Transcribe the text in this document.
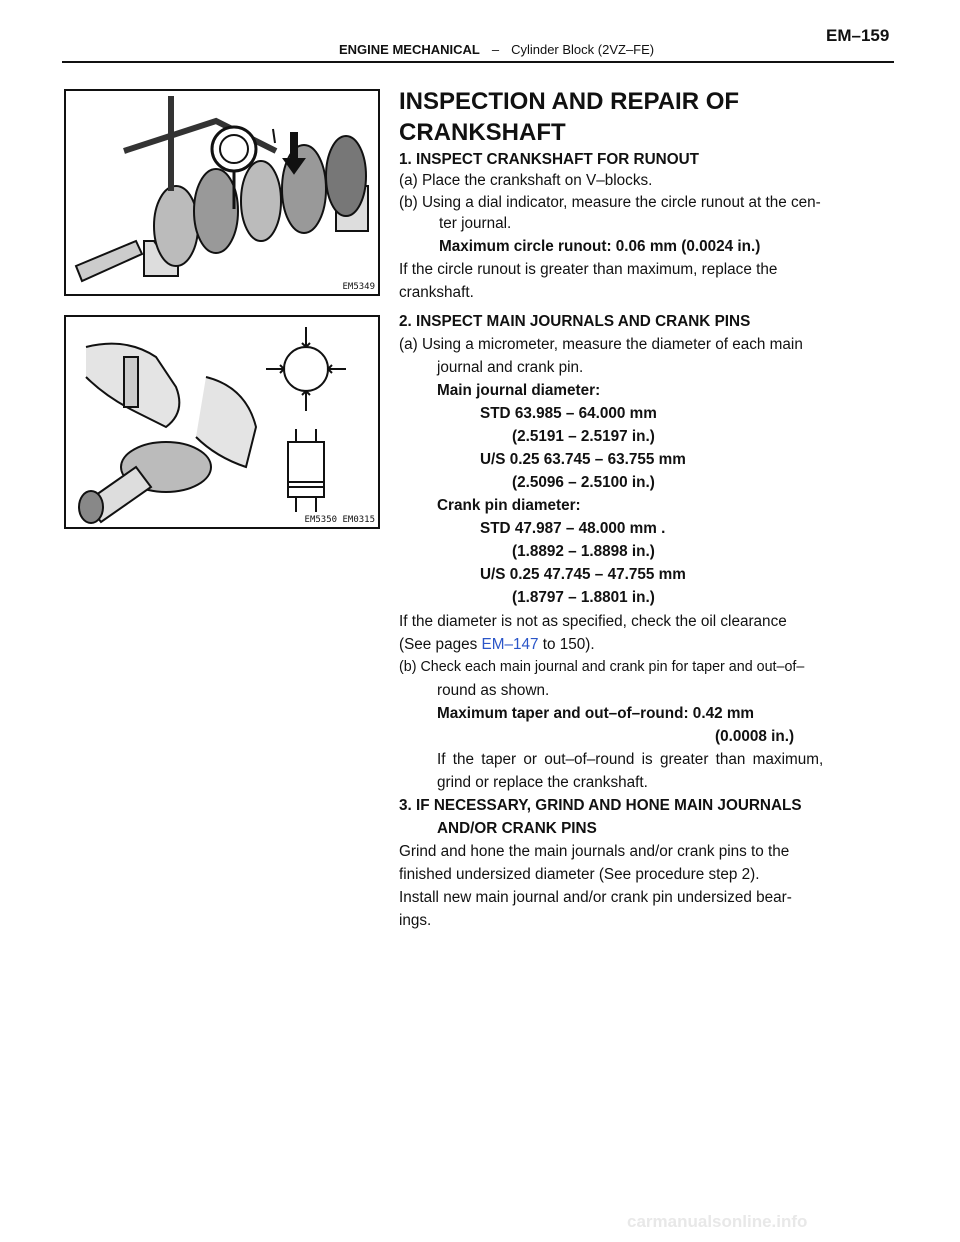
ENGINE MECHANICAL – Cylinder Block (2VZ–FE)
EM–159
EM5349
EM5350 EM0315
INSPECTION AND REPAIR OF
CRANKSHAFT
1. INSPECT CRANKSHAFT FOR RUNOUT
(a) Place the crankshaft on V–blocks.
(b) Using a dial indicator, measure the circle runout at the cen-
ter journal.
Maximum circle runout: 0.06 mm (0.0024 in.)
If the circle runout is greater than maximum, replace the
crankshaft.
2. INSPECT MAIN JOURNALS AND CRANK PINS
(a) Using a micrometer, measure the diameter of each main
journal and crank pin.
Main journal diameter:
STD 63.985 – 64.000 mm
(2.5191 – 2.5197 in.)
U/S 0.25 63.745 – 63.755 mm
(2.5096 – 2.5100 in.)
Crank pin diameter:
STD 47.987 – 48.000 mm .
(1.8892 – 1.8898 in.)
U/S 0.25 47.745 – 47.755 mm
(1.8797 – 1.8801 in.)
If the diameter is not as specified, check the oil clearance
(See pages EM–147 to 150).
(b) Check each main journal and crank pin for taper and out–of–
round as shown.
Maximum taper and out–of–round: 0.42 mm
(0.0008 in.)
If the taper or out–of–round is greater than maximum,
grind or replace the crankshaft.
3. IF NECESSARY, GRIND AND HONE MAIN JOURNALS
AND/OR CRANK PINS
Grind and hone the main journals and/or crank pins to the
finished undersized diameter (See procedure step 2).
Install new main journal and/or crank pin undersized bear-
ings.
carmanualsonline.info
